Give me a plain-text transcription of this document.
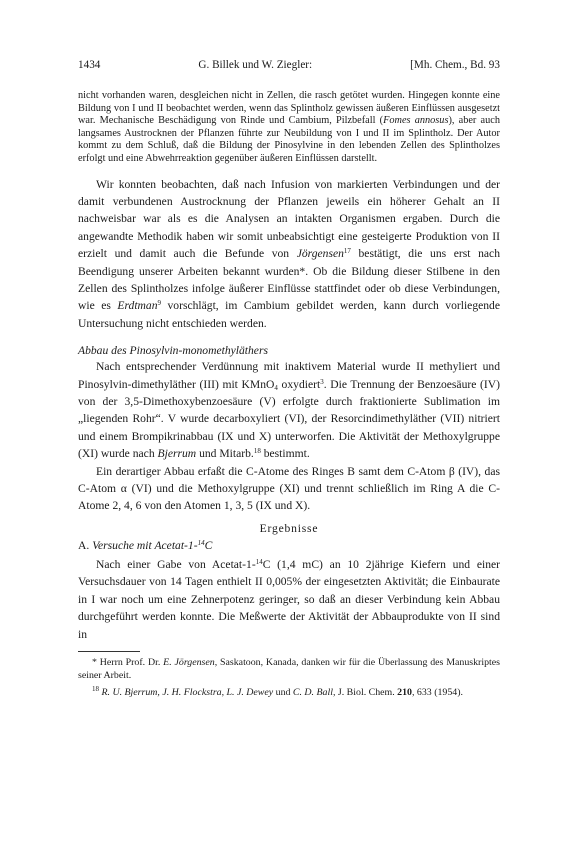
1434	G. Billek und W. Ziegler:	[Mh. Chem., Bd. 93

nicht vorhanden waren, desgleichen nicht in Zellen, die rasch getötet wurden. Hingegen konnte eine Bildung von I und II beobachtet werden, wenn das Splintholz gewissen äußeren Einflüssen ausgesetzt war. Mechanische Beschädigung von Rinde und Cambium, Pilzbefall (Fomes annosus), aber auch langsames Austrocknen der Pflanzen führte zur Neubildung von I und II im Splintholz. Der Autor kommt zu dem Schluß, daß die Bildung der Pinosylvine in den lebenden Zellen des Splintholzes erfolgt und eine Abwehrreaktion gegenüber äußeren Einflüssen darstellt.

Wir konnten beobachten, daß nach Infusion von markierten Verbindungen und der damit verbundenen Austrocknung der Pflanzen jeweils ein höherer Gehalt an II nachweisbar war als es die Analysen an intakten Organismen ergaben. Durch die angewandte Methodik haben wir somit unbeabsichtigt eine gesteigerte Produktion von II erzielt und damit auch die Befunde von Jörgensen$^{17}$ bestätigt, die uns erst nach Beendigung unserer Arbeiten bekannt wurden*. Ob die Bildung dieser Stilbene in den Zellen des Splintholzes infolge äußerer Einflüsse stattfindet oder ob diese Verbindungen, wie es Erdtman$^9$ vorschlägt, im Cambium gebildet werden, kann durch vorliegende Untersuchung nicht entschieden werden.

Abbau des Pinosylvin-monomethyläthers

Nach entsprechender Verdünnung mit inaktivem Material wurde II methyliert und Pinosylvin-dimethyläther (III) mit KMnO$_4$ oxydiert$^3$. Die Trennung der Benzoesäure (IV) von der 3,5-Dimethoxybenzoesäure (V) erfolgte durch fraktionierte Sublimation im „liegenden Rohr“. V wurde decarboxyliert (VI), der Resorcindimethyläther (VII) nitriert und einem Brompikrinabbau (IX und X) unterworfen. Die Aktivität der Methoxylgruppe (XI) wurde nach Bjerrum und Mitarb.$^{18}$ bestimmt.

Ein derartiger Abbau erfaßt die C-Atome des Ringes B samt dem C-Atom β (IV), das C-Atom α (VI) und die Methoxylgruppe (XI) und trennt schließlich im Ring A die C-Atome 2, 4, 6 von den Atomen 1, 3, 5 (IX und X).

Ergebnisse
A. Versuche mit Acetat-1-$^{14}$C

Nach einer Gabe von Acetat-1-$^{14}$C (1,4 mC) an 10 2jährige Kiefern und einer Versuchsdauer von 14 Tagen enthielt II 0,005% der eingesetzten Aktivität; die Einbaurate in I war noch um eine Zehnerpotenz geringer, so daß an dieser Verbindung kein Abbau durchgeführt werden konnte. Die Meßwerte der Aktivität der Abbauprodukte von II sind in

* Herrn Prof. Dr. E. Jörgensen, Saskatoon, Kanada, danken wir für die Überlassung des Manuskriptes seiner Arbeit.

$^{18}$ R. U. Bjerrum, J. H. Flockstra, L. J. Dewey und C. D. Ball, J. Biol. Chem. 210, 633 (1954).
